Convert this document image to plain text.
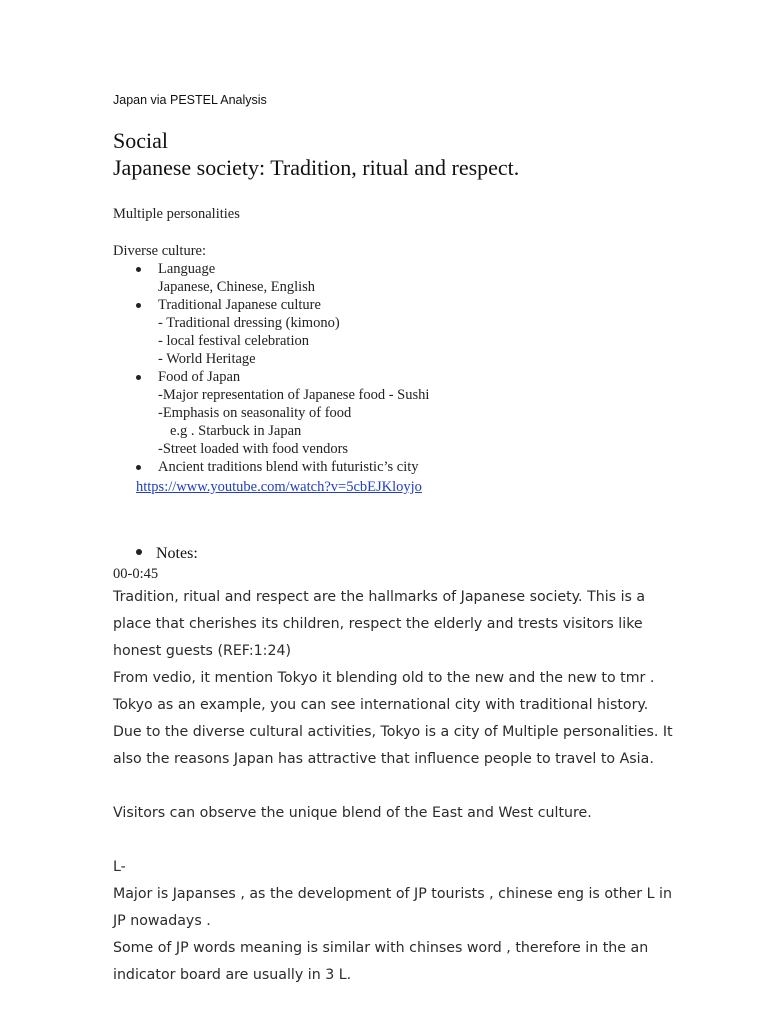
Japan via PESTEL Analysis
Social
Japanese society: Tradition, ritual and respect.
Multiple personalities

Diverse culture:

Language
Japanese, Chinese, English
Traditional Japanese culture
- Traditional dressing (kimono)
- local festival celebration
- World Heritage
Food of Japan
-Major representation of Japanese food - Sushi
-Emphasis on seasonality of food
e.g . Starbuck in Japan
-Street loaded with food vendors
Ancient traditions blend with futuristic’s city
https://www.youtube.com/watch?v=5cbEJKloyjo
Notes:
00-0:45

Tradition, ritual and respect are the hallmarks of Japanese society. This is a place that cherishes its children, respect the elderly and trests visitors like honest guests (REF:1:24)

From vedio, it mention Tokyo it blending old to the new and the new to tmr . Tokyo as an example, you can see international city with traditional history. Due to the diverse cultural activities, Tokyo is a city of Multiple personalities. It also the reasons Japan has attractive that influence people to travel to Asia.

Visitors can observe the unique blend of the East and West culture.

L-

Major is Japanses , as the development of JP tourists , chinese eng is other L in JP nowadays .

Some of JP words meaning is similar with chinses word , therefore in the an indicator board are usually in 3 L.
